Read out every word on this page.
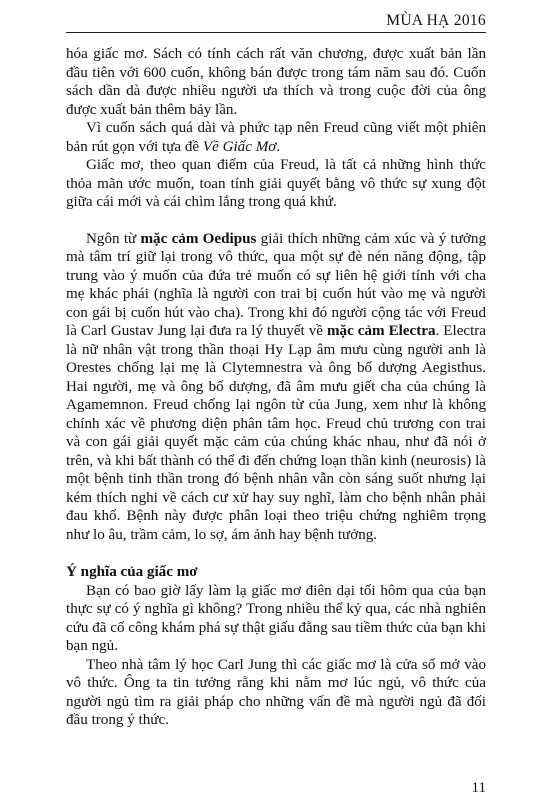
MÙA HẠ 2016

hóa giấc mơ. Sách có tính cách rất văn chương, được xuất bản lần đầu tiên với 600 cuốn, không bán được trong tám năm sau đó. Cuốn sách dần dà được nhiều người ưa thích và trong cuộc đời của ông được xuất bản thêm bảy lần.

Vì cuốn sách quá dài và phức tạp nên Freud cũng viết một phiên bản rút gọn với tựa đề Về Giấc Mơ.

Giấc mơ, theo quan điểm của Freud, là tất cả những hình thức thỏa mãn ước muốn, toan tính giải quyết bằng vô thức sự xung đột giữa cái mới và cái chìm lắng trong quá khứ.

Ngôn từ mặc cảm Oedipus giải thích những cảm xúc và ý tưởng mà tâm trí giữ lại trong vô thức, qua một sự đè nén năng động, tập trung vào ý muốn của đứa trẻ muốn có sự liên hệ giới tính với cha mẹ khác phái (nghĩa là người con trai bị cuốn hút vào mẹ và người con gái bị cuốn hút vào cha). Trong khi đó người cộng tác với Freud là Carl Gustav Jung lại đưa ra lý thuyết về mặc cảm Electra. Electra là nữ nhân vật trong thần thoại Hy Lạp âm mưu cùng người anh là Orestes chống lại mẹ là Clytemnestra và ông bố dượng Aegisthus. Hai người, mẹ và ông bố dượng, đã âm mưu giết cha của chúng là Agamemnon. Freud chống lại ngôn từ của Jung, xem như là không chính xác về phương diện phân tâm học. Freud chủ trương con trai và con gái giải quyết mặc cảm của chúng khác nhau, như đã nói ở trên, và khi bất thành có thể đi đến chứng loạn thần kinh (neurosis) là một bệnh tinh thần trong đó bệnh nhân vẫn còn sáng suốt nhưng lại kém thích nghi về cách cư xử hay suy nghĩ, làm cho bệnh nhân phải đau khổ. Bệnh này được phân loại theo triệu chứng nghiêm trọng như lo âu, trầm cảm, lo sợ, ám ảnh hay bệnh tưởng.

Ý nghĩa của giấc mơ

Bạn có bao giờ lấy làm lạ giấc mơ điên dại tối hôm qua của bạn thực sự có ý nghĩa gì không? Trong nhiều thế kỷ qua, các nhà nghiên cứu đã cố công khám phá sự thật giấu đằng sau tiềm thức của bạn khi bạn ngủ.

Theo nhà tâm lý học Carl Jung thì các giấc mơ là cửa sổ mở vào vô thức. Ông ta tin tưởng rằng khi nằm mơ lúc ngủ, vô thức của người ngủ tìm ra giải pháp cho những vấn đề mà người ngủ đã đối đầu trong ý thức.

11
